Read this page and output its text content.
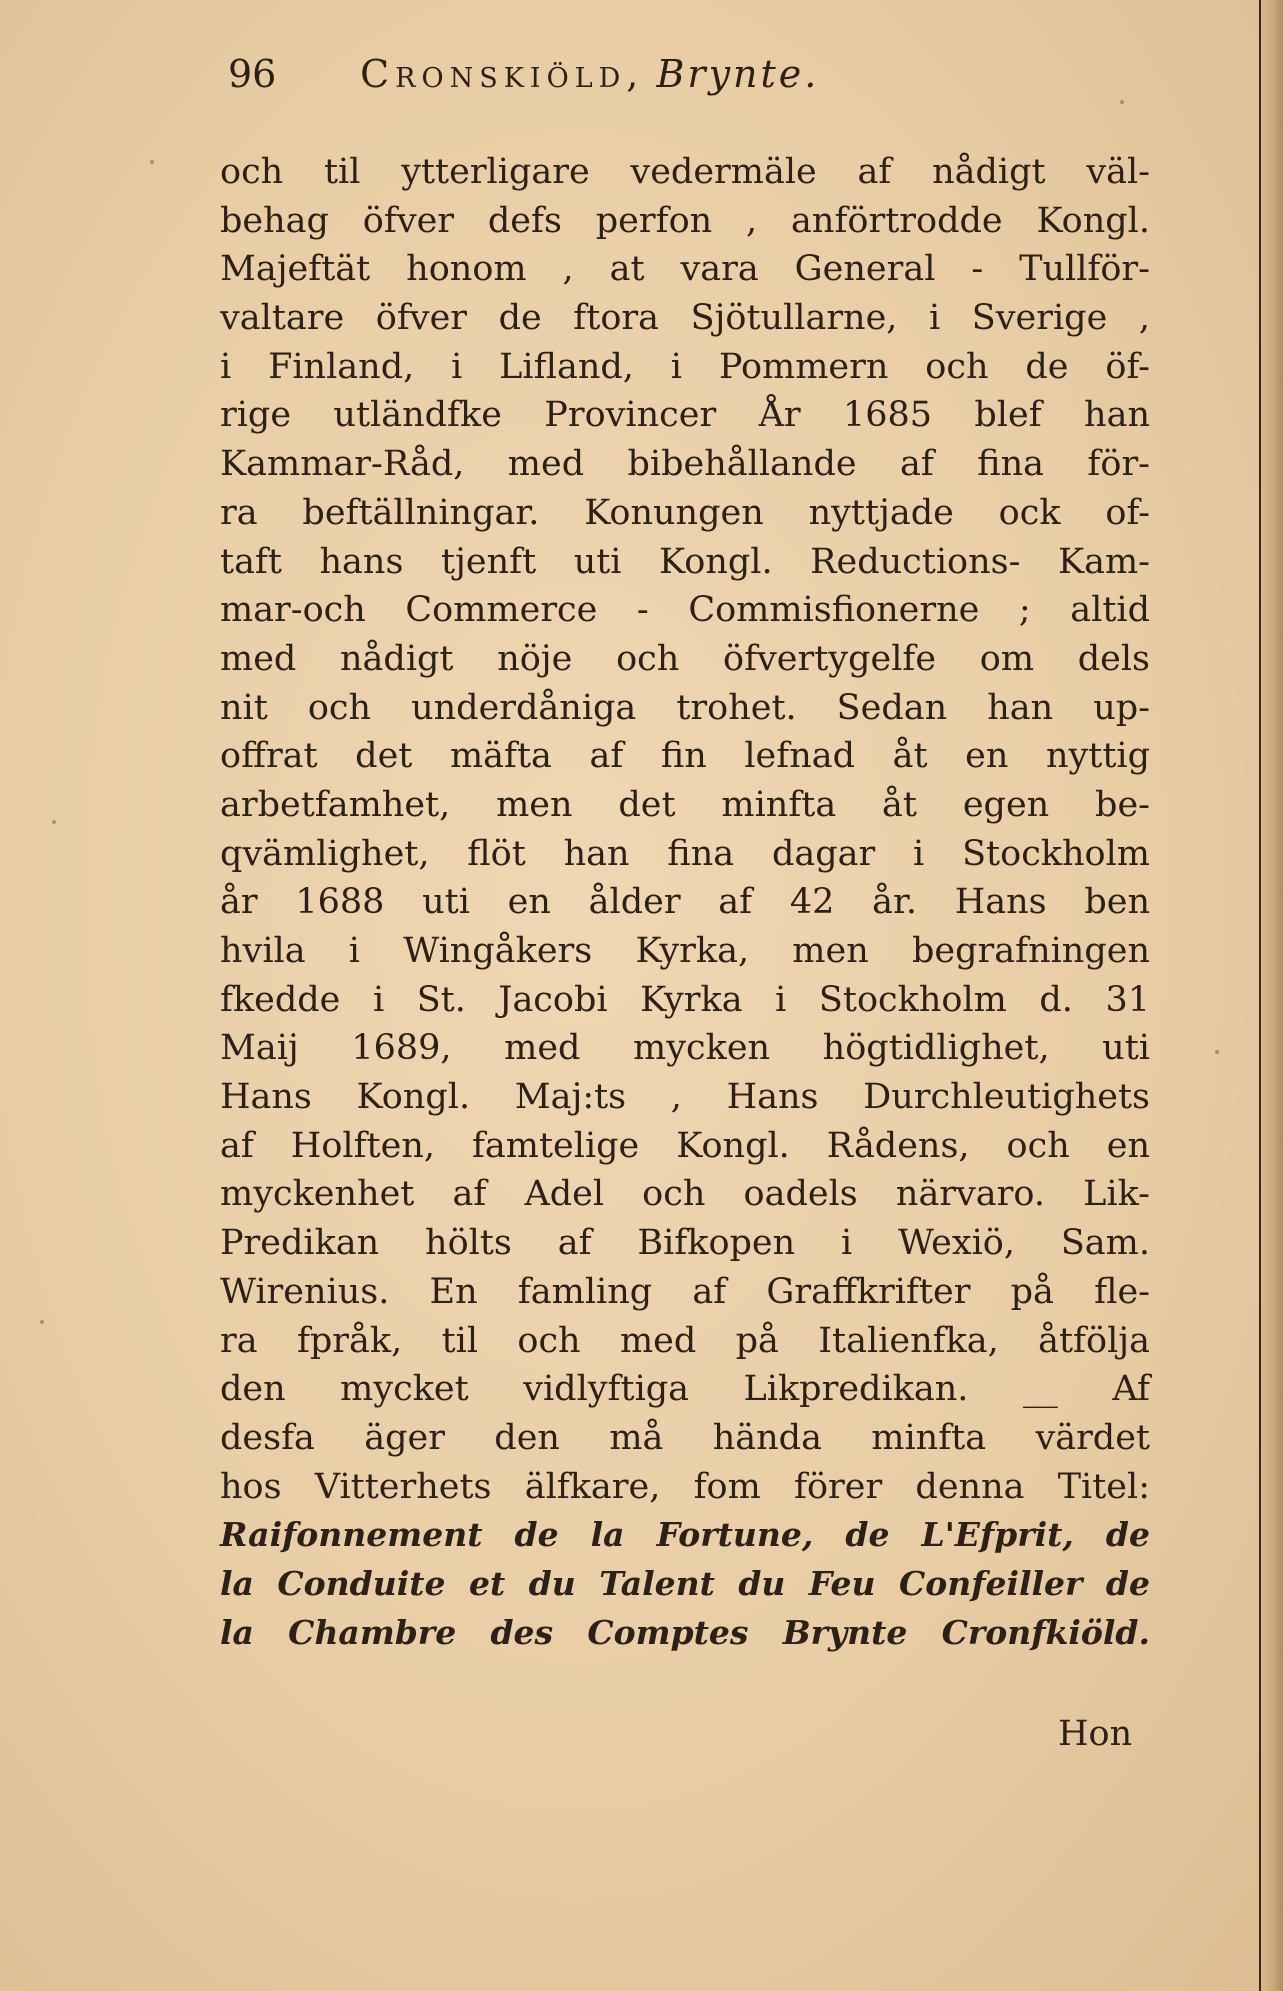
96 Cronskiöld, Brynte.
och til ytterligare vedermäle af nådigt väl-
behag öfver defs perfon , anförtrodde Kongl.
Majeftät honom , at vara General - Tullför-
valtare öfver de ftora Sjötullarne, i Sverige ,
i Finland, i Lifland, i Pommern och de öf-
rige utländfke Provincer År 1685 blef han
Kammar-Råd, med bibehållande af fina för-
ra beftällningar. Konungen nyttjade ock of-
taft hans tjenft uti Kongl. Reductions- Kam-
mar-och Commerce - Commisfionerne ; altid
med nådigt nöje och öfvertygelfe om dels
nit och underdåniga trohet. Sedan han up-
offrat det mäfta af fin lefnad åt en nyttig
arbetfamhet, men det minfta åt egen be-
qvämlighet, flöt han fina dagar i Stockholm
år 1688 uti en ålder af 42 år. Hans ben
hvila i Wingåkers Kyrka, men begrafningen
fkedde i St. Jacobi Kyrka i Stockholm d. 31
Maij 1689, med mycken högtidlighet, uti
Hans Kongl. Maj:ts , Hans Durchleutighets
af Holften, famtelige Kongl. Rådens, och en
myckenhet af Adel och oadels närvaro. Lik-
Predikan hölts af Bifkopen i Wexiö, Sam.
Wirenius. En famling af Graffkrifter på fle-
ra fpråk, til och med på Italienfka, åtfölja
den mycket vidlyftiga Likpredikan. __ Af
desfa äger den må hända minfta värdet
hos Vitterhets älfkare, fom förer denna Titel:
Raifonnement de la Fortune, de L'Efprit, de
la Conduite et du Talent du Feu Confeiller de
la Chambre des Comptes Brynte Cronfkiöld.
Hon
